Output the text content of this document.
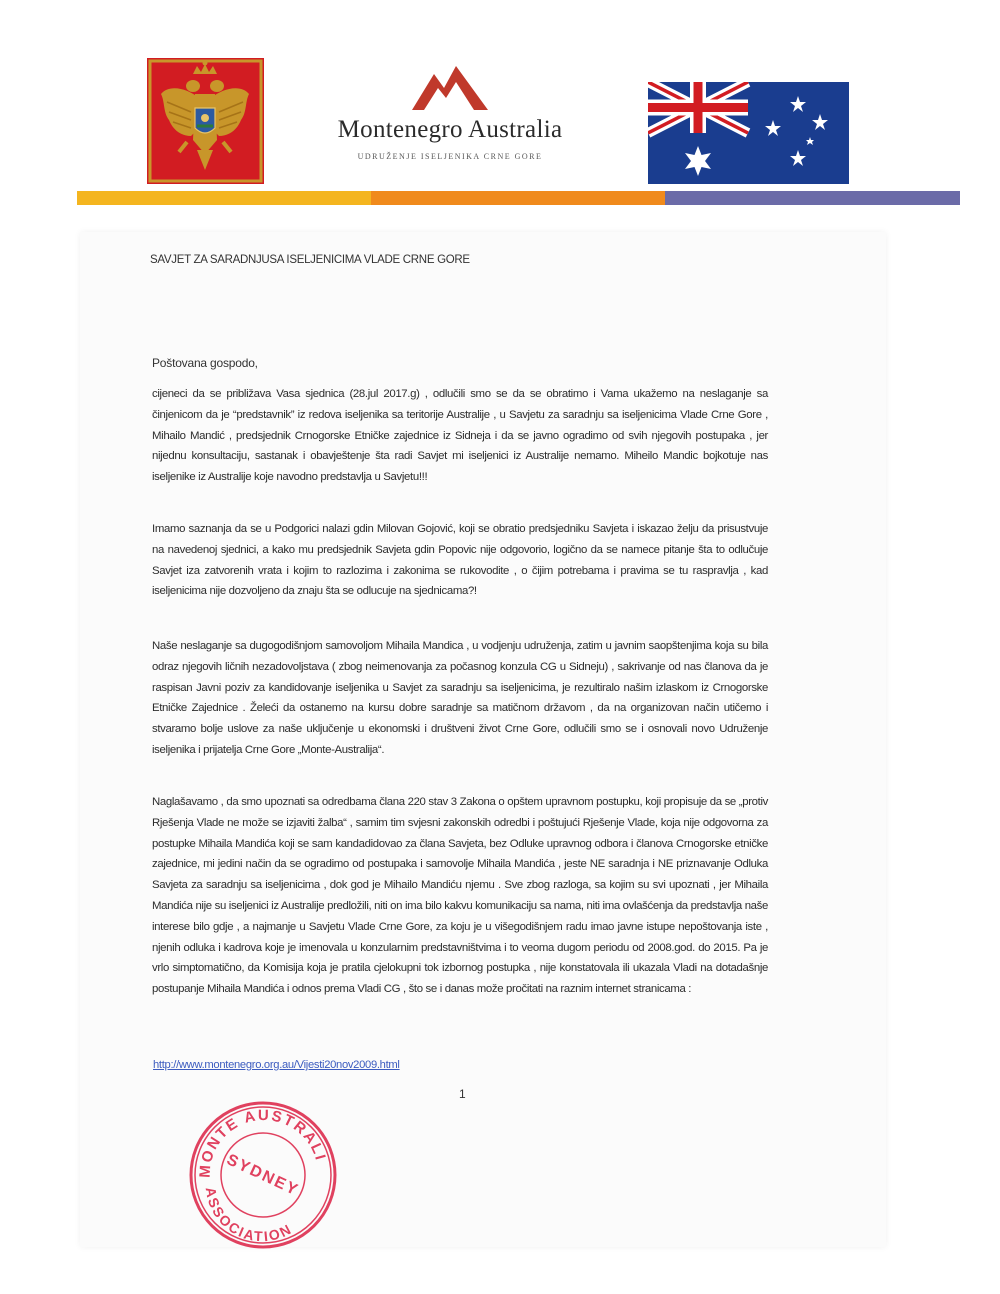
Montenegro Australia
UDRUŽENJE ISELJENIKA CRNE GORE
SAVJET ZA SARADNJUSA ISELJENICIMA VLADE CRNE GORE
Poštovana gospodo,
cijeneci da se približava Vasa sjednica (28.jul 2017.g) , odlučili smo se da se obratimo i Vama ukažemo na neslaganje sa činjenicom da je “predstavnik” iz redova iseljenika sa teritorije Australije , u Savjetu za saradnju sa iseljenicima Vlade Crne Gore , Mihailo Mandić , predsjednik Crnogorske Etničke zajednice iz Sidneja i da se javno ogradimo od svih njegovih postupaka , jer nijednu konsultaciju, sastanak i obavještenje šta radi Savjet mi iseljenici iz Australije nemamo. Miheilo Mandic bojkotuje nas iseljenike iz Australije koje navodno predstavlja u Savjetu!!!
Imamo saznanja da se u Podgorici nalazi gdin Milovan Gojović, koji se obratio predsjedniku Savjeta i iskazao želju da prisustvuje na navedenoj sjednici, a kako mu predsjednik Savjeta gdin Popovic nije odgovorio, logično da se namece pitanje šta to odlučuje Savjet iza zatvorenih vrata i kojim to razlozima i zakonima se rukovodite , o čijim potrebama i pravima se tu raspravlja , kad iseljenicima nije dozvoljeno da znaju šta se odlucuje na sjednicama?!
Naše neslaganje sa dugogodišnjom samovoljom Mihaila Mandica , u vodjenju udruženja, zatim u javnim saopštenjima koja su bila odraz njegovih ličnih nezadovoljstava ( zbog neimenovanja za počasnog konzula CG u Sidneju) , sakrivanje od nas članova da je raspisan Javni poziv za kandidovanje iseljenika u Savjet za saradnju sa iseljenicima, je rezultiralo našim izlaskom iz Crnogorske Etničke Zajednice . Želeći da ostanemo na kursu dobre saradnje sa matičnom državom , da na organizovan način utičemo i stvaramo bolje uslove za naše uključenje u ekonomski i društveni život Crne Gore, odlučili smo se i osnovali novo Udruženje iseljenika i prijatelja Crne Gore „Monte-Australija“.
Naglašavamo , da smo upoznati sa odredbama člana 220 stav 3 Zakona o opštem upravnom postupku, koji propisuje da se „protiv Rješenja Vlade ne može se izjaviti žalba“ , samim tim svjesni zakonskih odredbi i poštujući Rješenje Vlade, koja nije odgovorna za postupke Mihaila Mandića koji se sam kandadidovao za člana Savjeta, bez Odluke upravnog odbora i članova Crnogorske etničke zajednice, mi jedini način da se ogradimo od postupaka i samovolje Mihaila Mandića , jeste NE saradnja i NE priznavanje Odluka Savjeta za saradnju sa iseljenicima , dok god je Mihailo Mandiću njemu . Sve zbog razloga, sa kojim su svi upoznati , jer Mihaila Mandića nije su iseljenici iz Australije predložili, niti on ima bilo kakvu komunikaciju sa nama, niti ima ovlašćenja da predstavlja naše interese bilo gdje , a najmanje u Savjetu Vlade Crne Gore, za koju je u višegodišnjem radu imao javne istupe nepoštovanja iste , njenih odluka i kadrova koje je imenovala u konzularnim predstavništvima i to veoma dugom periodu od 2008.god. do 2015. Pa je vrlo simptomatično, da Komisija koja je pratila cjelokupni tok izbornog postupka , nije konstatovala ili ukazala Vladi na dotadašnje postupanje Mihaila Mandića i odnos prema Vladi CG , što se i danas može pročitati na raznim internet stranicama :
http://www.montenegro.org.au/Vijesti20nov2009.html
1
MONTE AUSTRALI
ASSOCIATION
SYDNEY
